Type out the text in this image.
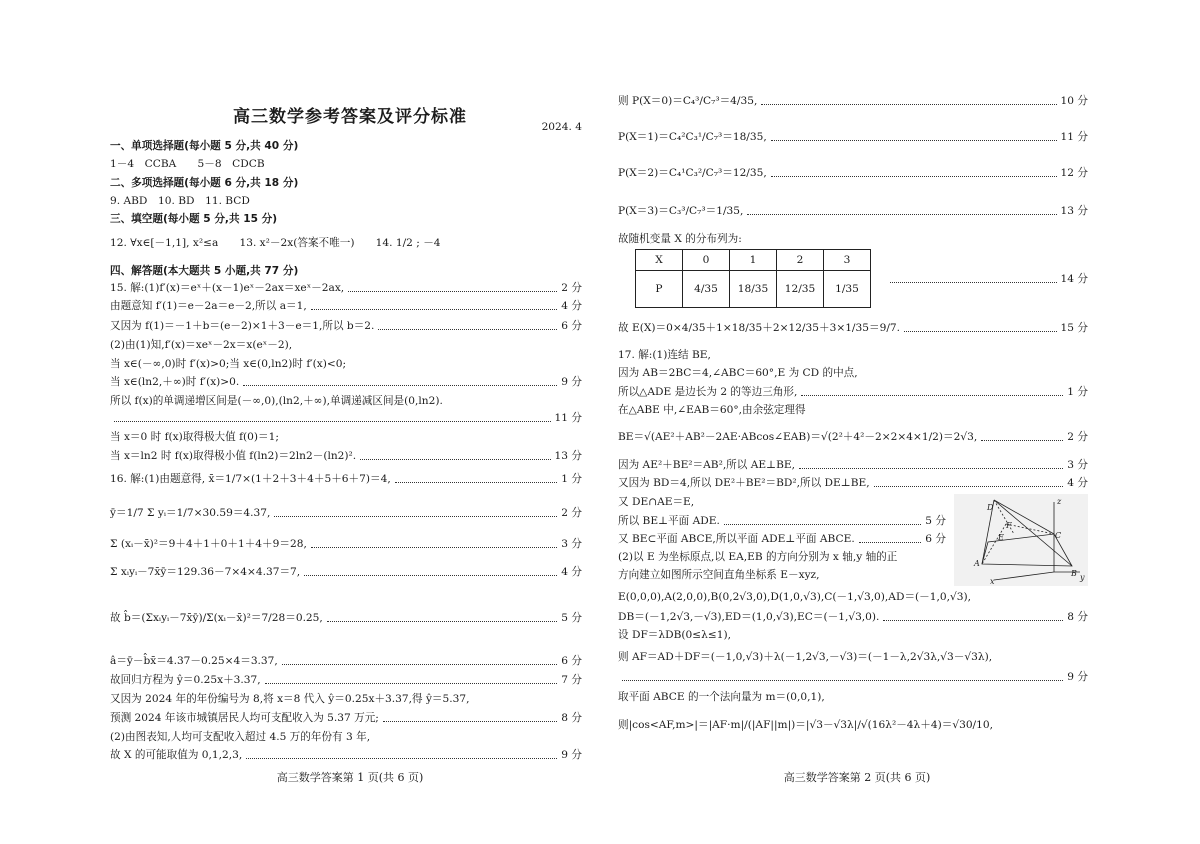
高三数学参考答案及评分标准	2024. 4
一、单项选择题(每小题 5 分,共 40 分)
1－4　CCBA　　5－8　CDCB
二、多项选择题(每小题 6 分,共 18 分)
9. ABD　10. BD　11. BCD
三、填空题(每小题 5 分,共 15 分)
12. ∀x∈[－1,1], x²≤a　　13. x²－2x(答案不唯一)　　14. 1/2 ; －4
四、解答题(本大题共 5 小题,共 77 分)
15. 解:(1)f′(x)＝eˣ＋(x－1)eˣ－2ax＝xeˣ－2ax,	2 分
由题意知 f′(1)＝e－2a＝e－2,所以 a＝1,	4 分
又因为 f(1)＝－1＋b＝(e－2)×1＋3－e＝1,所以 b＝2.	6 分
(2)由(1)知,f′(x)＝xeˣ－2x＝x(eˣ－2),
当 x∈(－∞,0)时 f′(x)>0;当 x∈(0,ln2)时 f′(x)<0;
当 x∈(ln2,＋∞)时 f′(x)>0.	9 分
所以 f(x)的单调递增区间是(－∞,0),(ln2,＋∞),单调递减区间是(0,ln2).
11 分
当 x＝0 时 f(x)取得极大值 f(0)＝1;
当 x＝ln2 时 f(x)取得极小值 f(ln2)＝2ln2－(ln2)².	13 分
16. 解:(1)由题意得, x̄＝1/7×(1＋2＋3＋4＋5＋6＋7)＝4,	1 分
ȳ＝1/7 Σ yᵢ＝1/7×30.59＝4.37,	2 分
Σ (xᵢ－x̄)²＝9＋4＋1＋0＋1＋4＋9＝28,	3 分
Σ xᵢyᵢ－7x̄ȳ＝129.36－7×4×4.37＝7,	4 分
故 b̂＝(Σxᵢyᵢ－7x̄ȳ)/Σ(xᵢ－x̄)²＝7/28＝0.25,	5 分
â＝ȳ－b̂x̄＝4.37－0.25×4＝3.37,	6 分
故回归方程为 ŷ＝0.25x＋3.37,	7 分
又因为 2024 年的年份编号为 8,将 x＝8 代入 ŷ＝0.25x＋3.37,得 ŷ＝5.37,
预测 2024 年该市城镇居民人均可支配收入为 5.37 万元;	8 分
(2)由图表知,人均可支配收入超过 4.5 万的年份有 3 年,
故 X 的可能取值为 0,1,2,3,	9 分
高三数学答案第 1 页(共 6 页)
则 P(X＝0)＝C₄³/C₇³＝4/35,	10 分
P(X＝1)＝C₄²C₃¹/C₇³＝18/35,	11 分
P(X＝2)＝C₄¹C₃²/C₇³＝12/35,	12 分
P(X＝3)＝C₃³/C₇³＝1/35,	13 分
故随机变量 X 的分布列为:
X	0	1	2	3
P	4/35	18/35	12/35	1/35
14 分
故 E(X)＝0×4/35＋1×18/35＋2×12/35＋3×1/35＝9/7.	15 分
17. 解:(1)连结 BE,
因为 AB＝2BC＝4,∠ABC＝60°,E 为 CD 的中点,
所以△ADE 是边长为 2 的等边三角形,	1 分
在△ABE 中,∠EAB＝60°,由余弦定理得
BE＝√(AE²＋AB²－2AE·ABcos∠EAB)＝√(2²＋4²－2×2×4×1/2)＝2√3,	2 分
因为 AE²＋BE²＝AB²,所以 AE⊥BE,	3 分
又因为 BD＝4,所以 DE²＋BE²＝BD²,所以 DE⊥BE,	4 分
又 DE∩AE＝E,
所以 BE⊥平面 ADE.	5 分
又 BE⊂平面 ABCE,所以平面 ADE⊥平面 ABCE.	6 分
(2)以 E 为坐标原点,以 EA,EB 的方向分别为 x 轴,y 轴的正
方向建立如图所示空间直角坐标系 E－xyz,
E(0,0,0),A(2,0,0),B(0,2√3,0),D(1,0,√3),C(－1,√3,0),AD＝(－1,0,√3),
DB＝(－1,2√3,－√3),ED＝(1,0,√3),EC＝(－1,√3,0).	8 分
设 DF＝λDB(0≤λ≤1),
则 AF＝AD＋DF＝(－1,0,√3)＋λ(－1,2√3,－√3)＝(－1－λ,2√3λ,√3－√3λ),
9 分
取平面 ABCE 的一个法向量为 m＝(0,0,1),
则|cos<AF,m>|＝|AF·m|/(|AF||m|)＝|√3－√3λ|/√(16λ²－4λ＋4)＝√30/10,
D
z
F
E	C
A
B
x	y
高三数学答案第 2 页(共 6 页)
